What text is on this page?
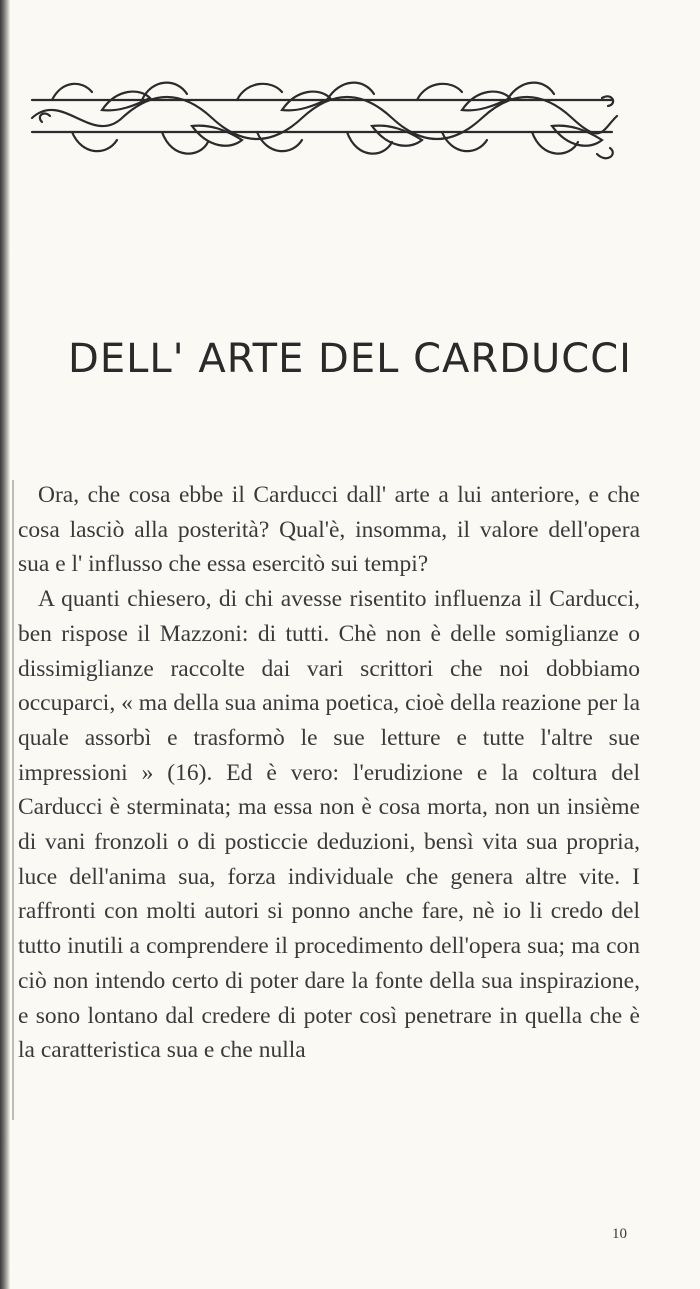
DELL' ARTE DEL CARDUCCI

Ora, che cosa ebbe il Carducci dall' arte a lui anteriore, e che cosa lasciò alla posterità? Qual'è, insomma, il valore dell'opera sua e l' influsso che essa esercitò sui tempi?

A quanti chiesero, di chi avesse risentito influenza il Carducci, ben rispose il Mazzoni: di tutti. Chè non è delle somiglianze o dissimiglianze raccolte dai vari scrittori che noi dobbiamo occuparci, « ma della sua anima poetica, cioè della reazione per la quale assorbì e trasformò le sue letture e tutte l'altre sue impressioni » (16). Ed è vero: l'erudizione e la coltura del Carducci è sterminata; ma essa non è cosa morta, non un insième di vani fronzoli o di posticcie deduzioni, bensì vita sua propria, luce dell'anima sua, forza individuale che genera altre vite. I raffronti con molti autori si ponno anche fare, nè io li credo del tutto inutili a comprendere il procedimento dell'opera sua; ma con ciò non intendo certo di poter dare la fonte della sua inspirazione, e sono lontano dal credere di poter così penetrare in quella che è la caratteristica sua e che nulla

10
